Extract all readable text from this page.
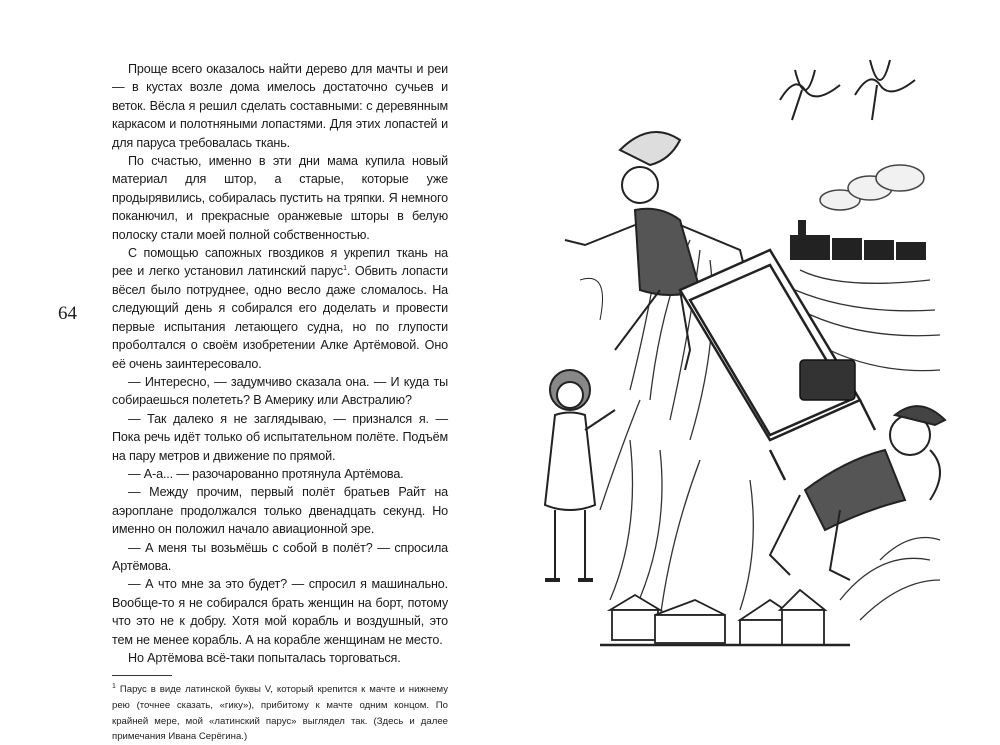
64

Проще всего оказалось найти дерево для мачты и реи — в кустах возле дома имелось достаточно сучьев и веток. Вёсла я решил сделать составными: с деревянным каркасом и полотняными лопастями. Для этих лопастей и для паруса требовалась ткань.

По счастью, именно в эти дни мама купила новый материал для штор, а старые, которые уже продырявились, собиралась пустить на тряпки. Я немного поканючил, и прекрасные оранжевые шторы в белую полоску стали моей полной собственностью.

С помощью сапожных гвоздиков я укрепил ткань на рее и легко установил латинский парус$^1$. Обвить лопасти вёсел было потруднее, одно весло даже сломалось. На следующий день я собирался его доделать и провести первые испытания летающего судна, но по глупости проболтался о своём изобретении Алке Артёмовой. Оно её очень заинтересовало.

— Интересно, — задумчиво сказала она. — И куда ты собираешься полететь? В Америку или Австралию?

— Так далеко я не заглядываю, — признался я. — Пока речь идёт только об испытательном полёте. Подъём на пару метров и движение по прямой.

— А-а... — разочарованно протянула Артёмова.

— Между прочим, первый полёт братьев Райт на аэроплане продолжался только двенадцать секунд. Но именно он положил начало авиационной эре.

— А меня ты возьмёшь с собой в полёт? — спросила Артёмова.

— А что мне за это будет? — спросил я машинально. Вообще-то я не собирался брать женщин на борт, потому что это не к добру. Хотя мой корабль и воздушный, это тем не менее корабль. А на корабле женщинам не место.

Но Артёмова всё-таки попыталась торговаться.

$^1$ Парус в виде латинской буквы V, который крепится к мачте и нижнему рею (точнее сказать, «гику»), прибитому к мачте одним концом. По крайней мере, мой «латинский парус» выглядел так. (Здесь и далее примечания Ивана Серёгина.)
